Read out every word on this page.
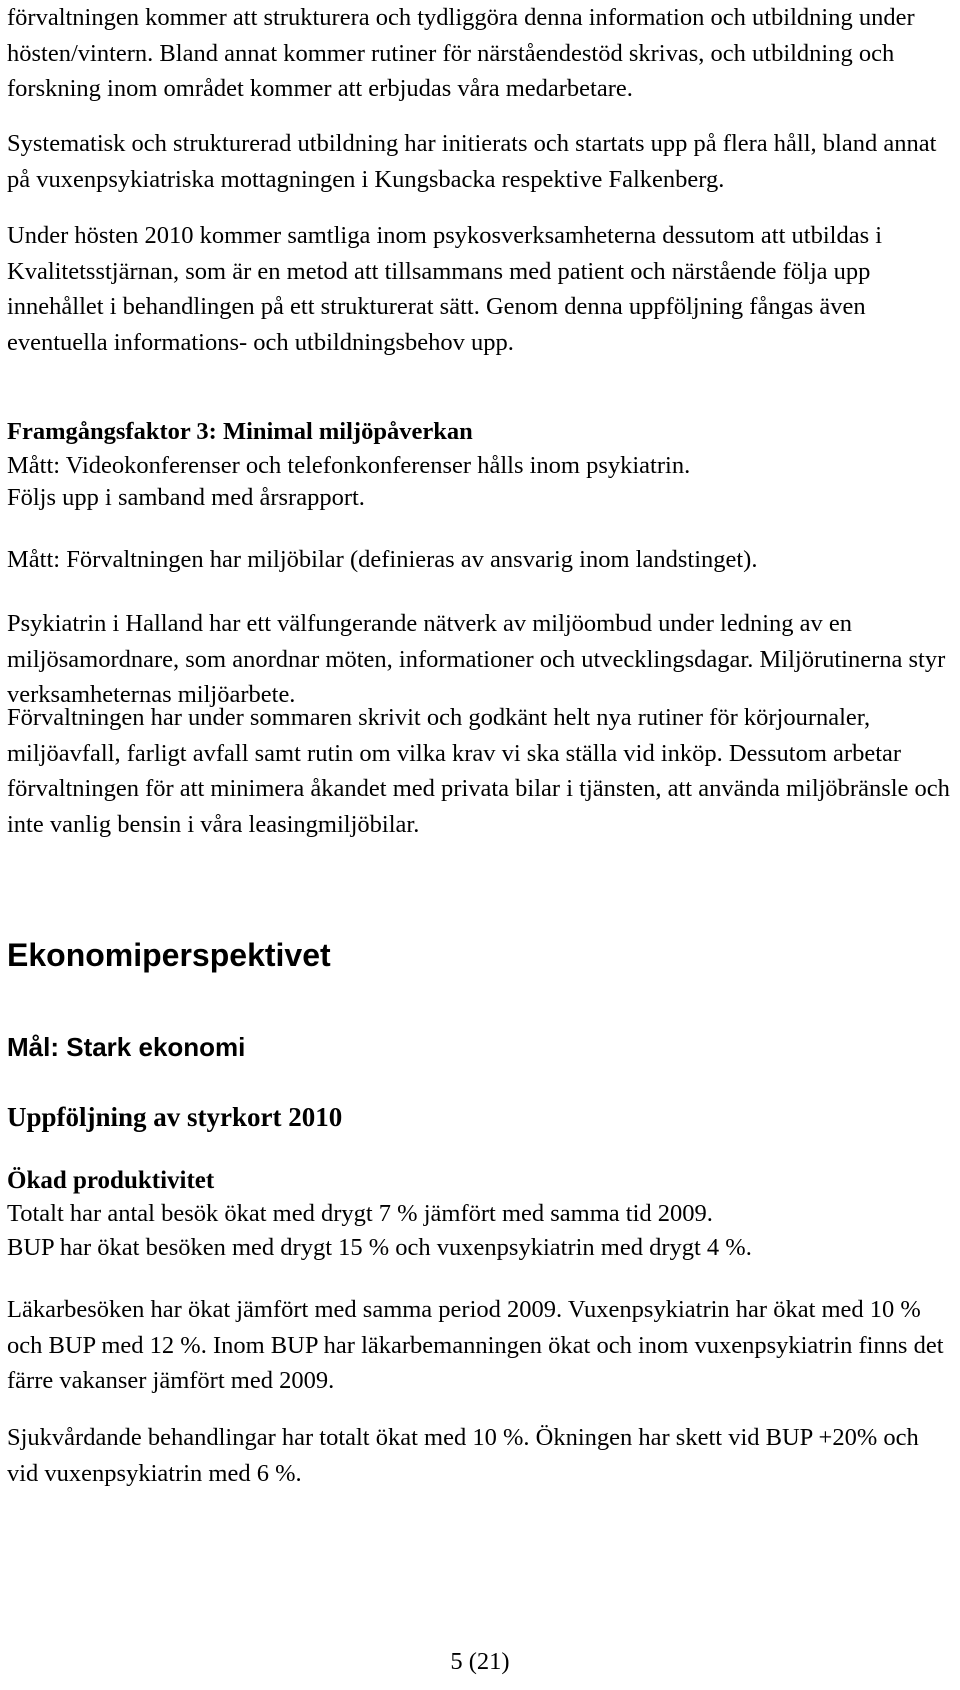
förvaltningen kommer att strukturera och tydliggöra denna information och utbildning under hösten/vintern. Bland annat kommer rutiner för närståendestöd skrivas, och utbildning och forskning inom området kommer att erbjudas våra medarbetare.

Systematisk och strukturerad utbildning har initierats och startats upp på flera håll, bland annat på vuxenpsykiatriska mottagningen i Kungsbacka respektive Falkenberg.

Under hösten 2010 kommer samtliga inom psykosverksamheterna dessutom att utbildas i Kvalitetsstjärnan, som är en metod att tillsammans med patient och närstående följa upp innehållet i behandlingen på ett strukturerat sätt. Genom denna uppföljning fångas även eventuella informations- och utbildningsbehov upp.

Framgångsfaktor 3: Minimal miljöpåverkan

Mått: Videokonferenser och telefonkonferenser hålls inom psykiatrin.

Följs upp i samband med årsrapport.

Mått: Förvaltningen har miljöbilar (definieras av ansvarig inom landstinget).

Psykiatrin i Halland har ett välfungerande nätverk av miljöombud under ledning av en miljösamordnare, som anordnar möten, informationer och utvecklingsdagar. Miljörutinerna styr verksamheternas miljöarbete.

Förvaltningen har under sommaren skrivit och godkänt helt nya rutiner för körjournaler, miljöavfall, farligt avfall samt rutin om vilka krav vi ska ställa vid inköp. Dessutom arbetar förvaltningen för att minimera åkandet med privata bilar i tjänsten, att använda miljöbränsle och inte vanlig bensin i våra leasingmiljöbilar.

Ekonomiperspektivet

Mål: Stark ekonomi

Uppföljning av styrkort 2010

Ökad produktivitet

Totalt har antal besök ökat med drygt 7 % jämfört med samma tid 2009.

BUP har ökat besöken med drygt 15 % och vuxenpsykiatrin med drygt 4 %.

Läkarbesöken har ökat jämfört med samma period 2009. Vuxenpsykiatrin har ökat med 10 % och BUP med 12 %. Inom BUP har läkarbemanningen ökat och inom vuxenpsykiatrin finns det färre vakanser jämfört med 2009.

Sjukvårdande behandlingar har totalt ökat med 10 %. Ökningen har skett vid BUP +20% och vid vuxenpsykiatrin med 6 %.

5 (21)
